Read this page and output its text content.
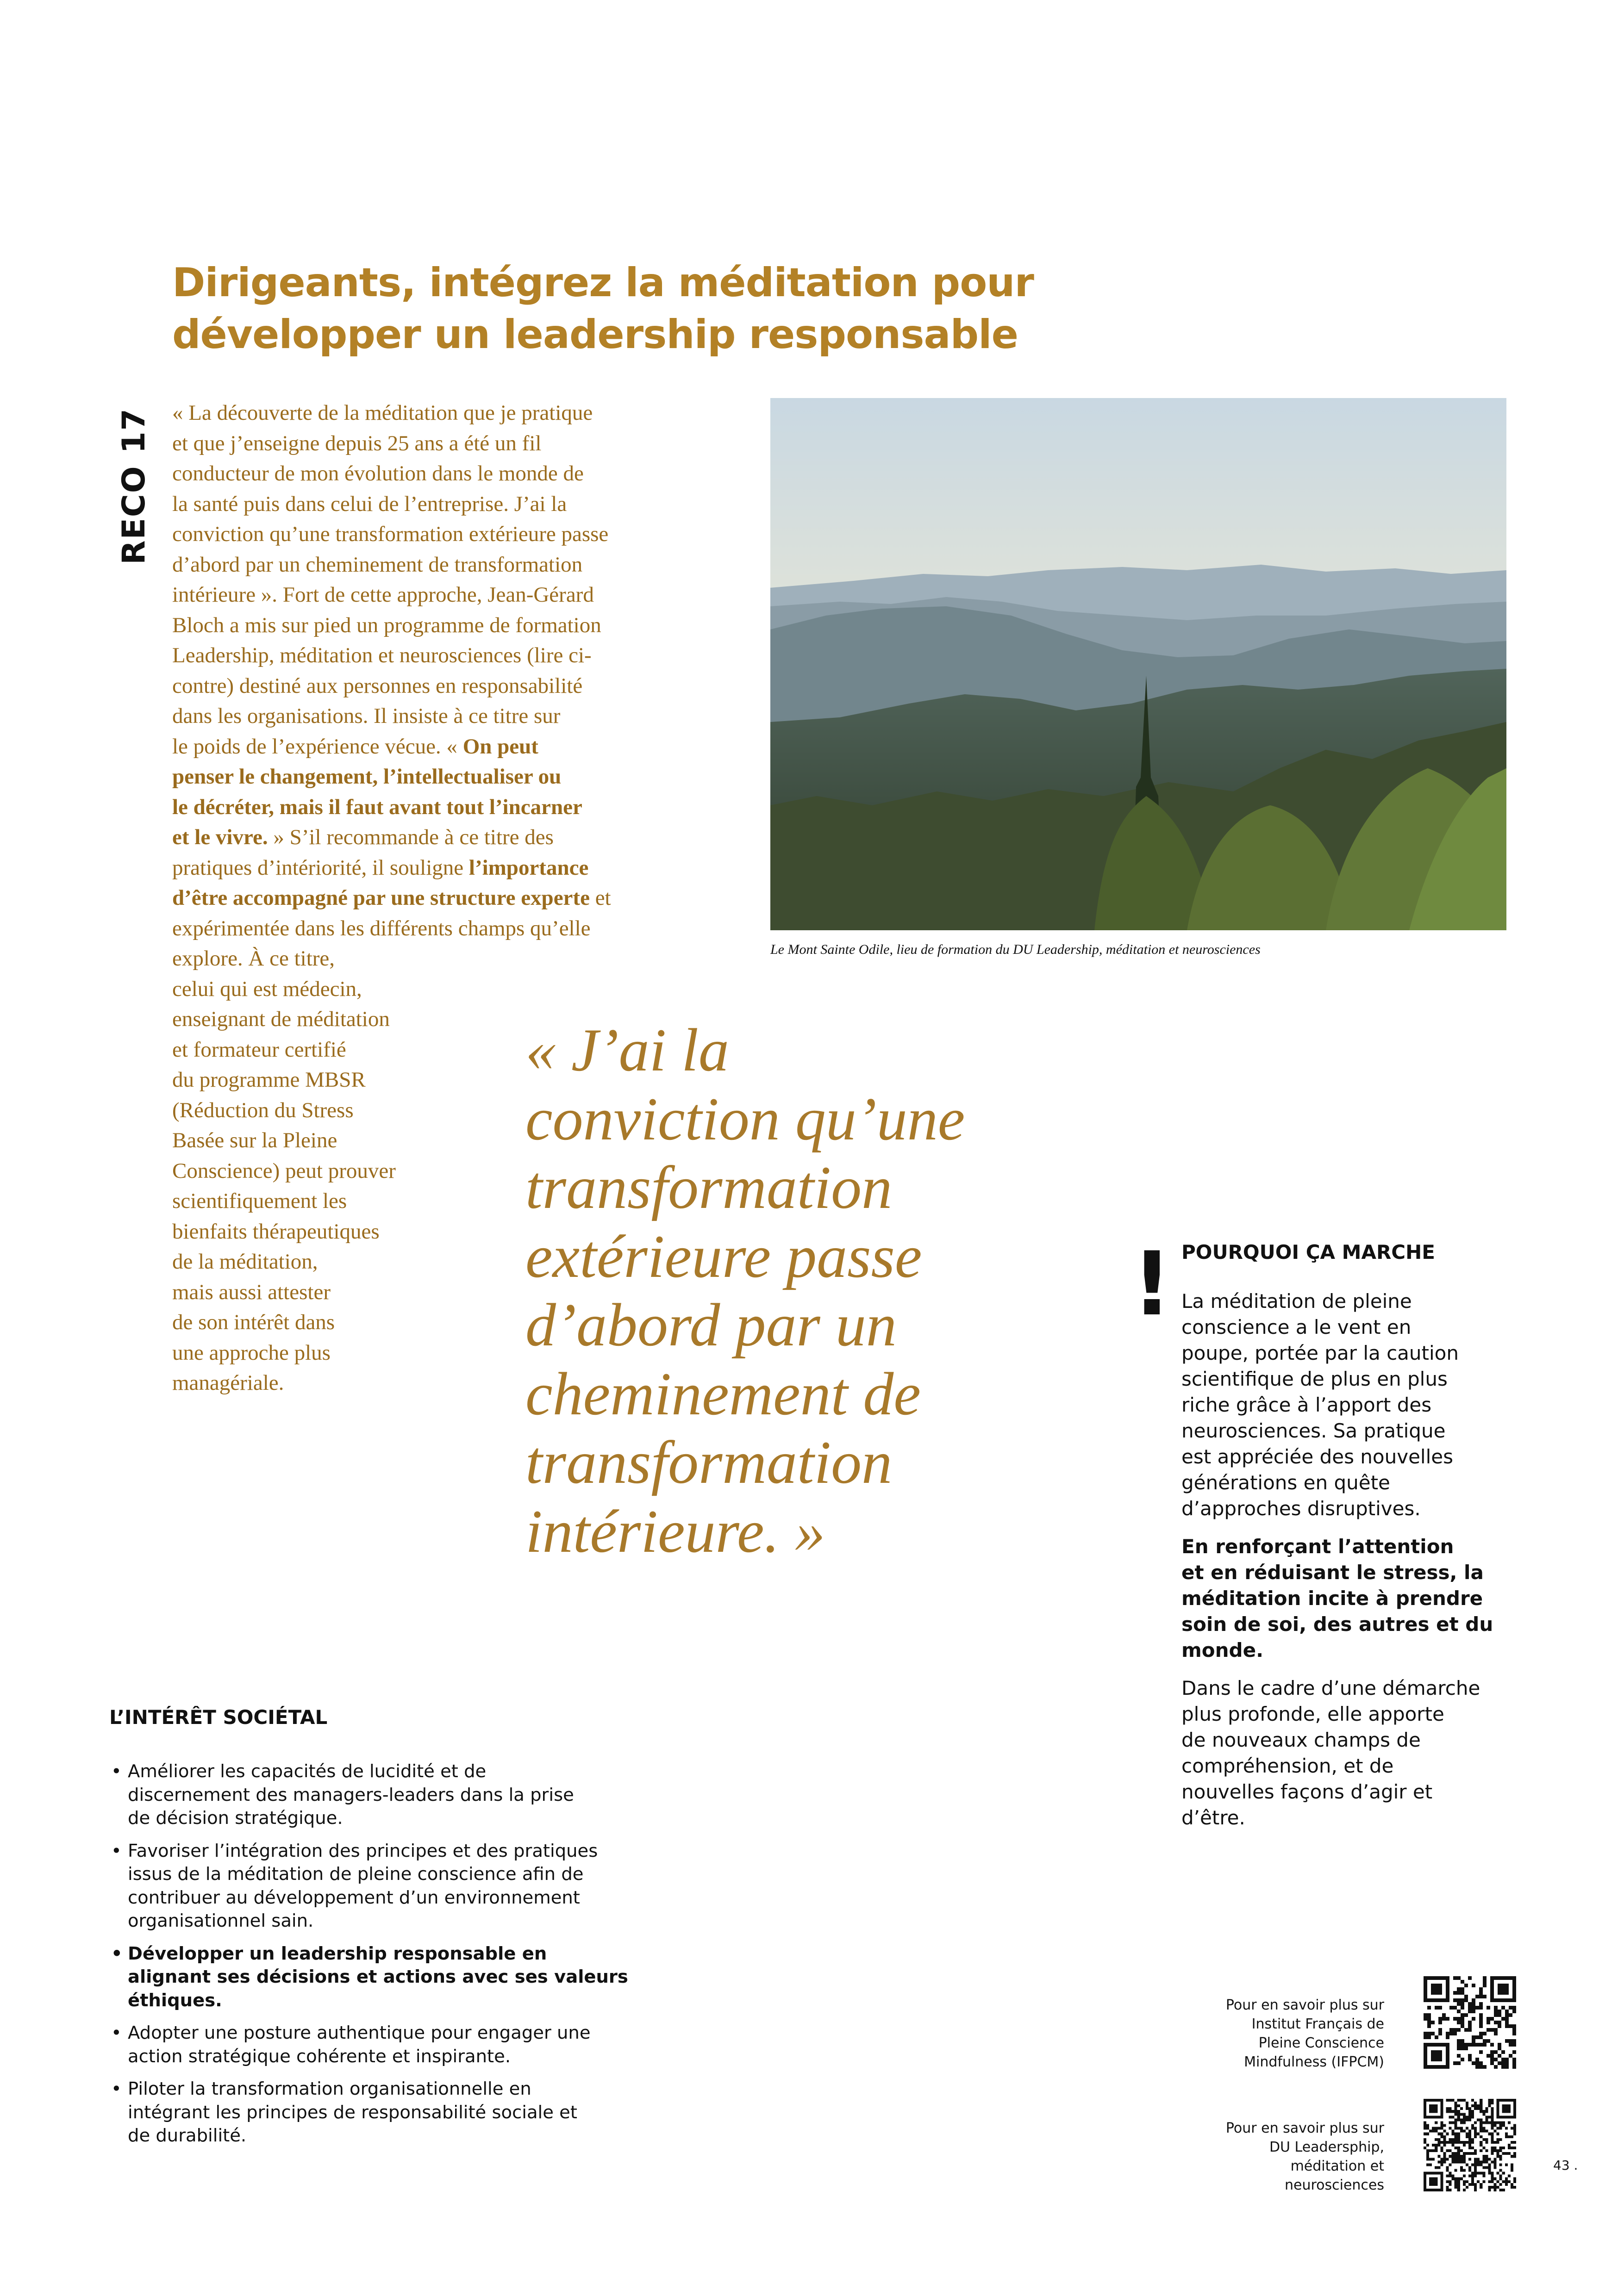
Dirigeants, intégrez la méditation pour
développer un leadership responsable
RECO 17 « La découverte de la méditation que je pratique
et que j’enseigne depuis 25 ans a été un fil
conducteur de mon évolution dans le monde de
la santé puis dans celui de l’entreprise. J’ai la
conviction qu’une transformation extérieure passe
d’abord par un cheminement de transformation
intérieure ». Fort de cette approche, Jean-Gérard
Bloch a mis sur pied un programme de formation
Leadership, méditation et neurosciences (lire ci-
contre) destiné aux personnes en responsabilité
dans les organisations. Il insiste à ce titre sur
le poids de l’expérience vécue. « On peut
penser le changement, l’intellectualiser ou
le décréter, mais il faut avant tout l’incarner
et le vivre. » S’il recommande à ce titre des
pratiques d’intériorité, il souligne l’importance
d’être accompagné par une structure experte et
expérimentée dans les différents champs qu’elle
explore. À ce titre,
celui qui est médecin,
enseignant de méditation
et formateur certifié
du programme MBSR
(Réduction du Stress
Basée sur la Pleine
Conscience) peut prouver
scientifiquement les
bienfaits thérapeutiques
de la méditation,
mais aussi attester
de son intérêt dans
une approche plus
managériale.

Le Mont Sainte Odile, lieu de formation du DU Leadership, méditation et neurosciences
« J’ai la
conviction qu’une
transformation
extérieure passe
d’abord par un
cheminement de
transformation
intérieure. »
! POURQUOI ÇA MARCHE

La méditation de pleine
conscience a le vent en
poupe, portée par la caution
scientifique de plus en plus
riche grâce à l’apport des
neurosciences. Sa pratique
est appréciée des nouvelles
générations en quête
d’approches disruptives.

En renforçant l’attention
et en réduisant le stress, la
méditation incite à prendre
soin de soi, des autres et du
monde.

Dans le cadre d’une démarche
plus profonde, elle apporte
de nouveaux champs de
compréhension, et de
nouvelles façons d’agir et
d’être.

L’INTÉRÊT SOCIÉTAL
• Améliorer les capacités de lucidité et de
discernement des managers-leaders dans la prise
de décision stratégique.
• Favoriser l’intégration des principes et des pratiques
issus de la méditation de pleine conscience afin de
contribuer au développement d’un environnement
organisationnel sain.
• Développer un leadership responsable en
alignant ses décisions et actions avec ses valeurs
éthiques.
• Adopter une posture authentique pour engager une
action stratégique cohérente et inspirante.
• Piloter la transformation organisationnelle en
intégrant les principes de responsabilité sociale et
de durabilité.
Pour en savoir plus sur
Institut Français de
Pleine Conscience
Mindfulness (IFPCM)
Pour en savoir plus sur
DU Leadersphip,
méditation et
neurosciences
43 .
